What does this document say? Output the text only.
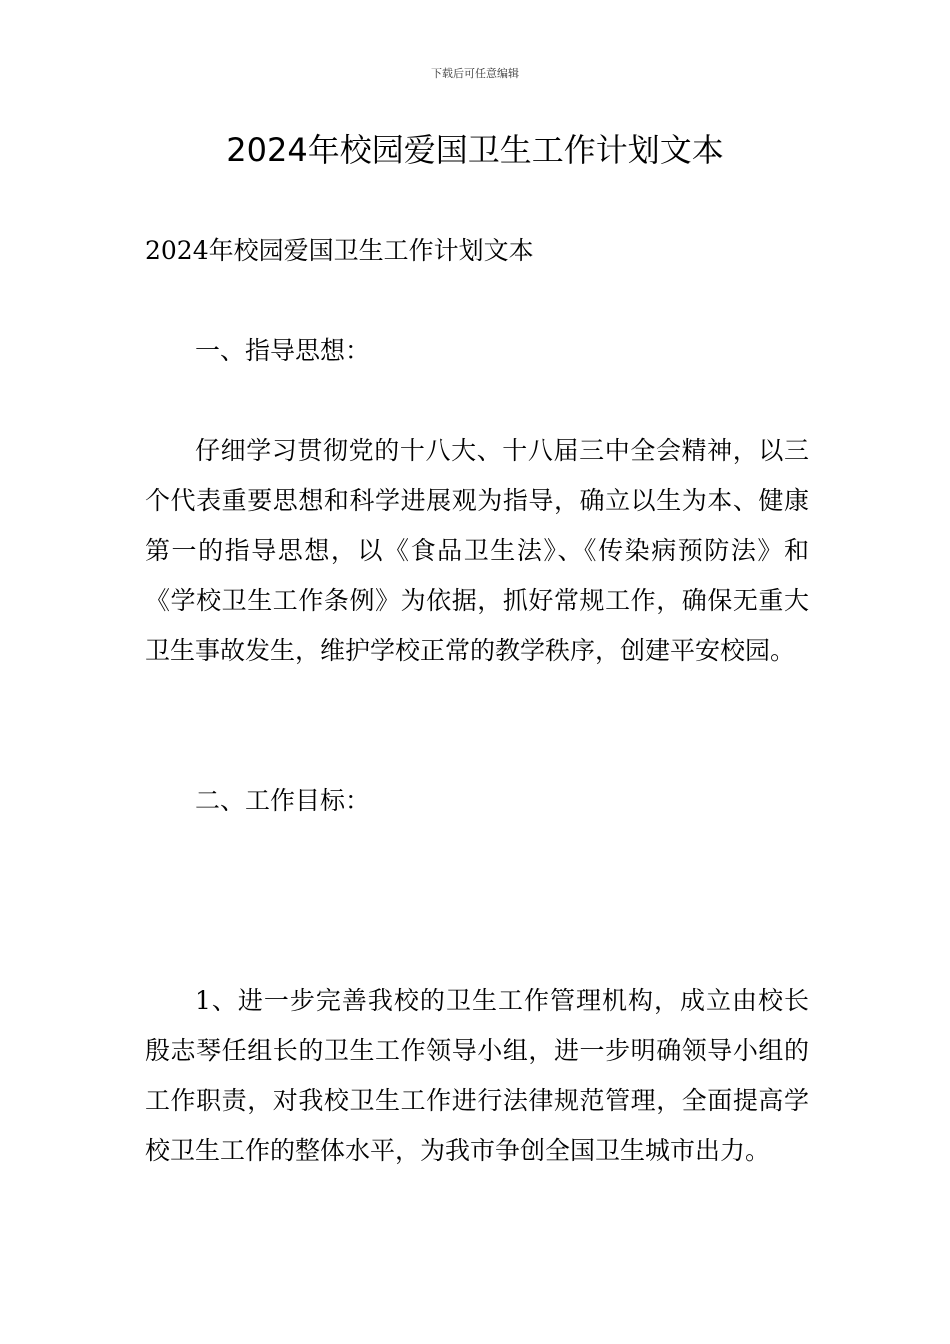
下载后可任意编辑
2024年校园爱国卫生工作计划文本

2024年校园爱国卫生工作计划文本

一、指导思想：

仔细学习贯彻党的十八大、十八届三中全会精神，以三个代表重要思想和科学进展观为指导，确立以生为本、健康第一的指导思想，以《食品卫生法》、《传染病预防法》和《学校卫生工作条例》为依据，抓好常规工作，确保无重大卫生事故发生，维护学校正常的教学秩序，创建平安校园。

二、工作目标：

1、进一步完善我校的卫生工作管理机构，成立由校长殷志琴任组长的卫生工作领导小组，进一步明确领导小组的工作职责，对我校卫生工作进行法律规范管理，全面提高学校卫生工作的整体水平，为我市争创全国卫生城市出力。
